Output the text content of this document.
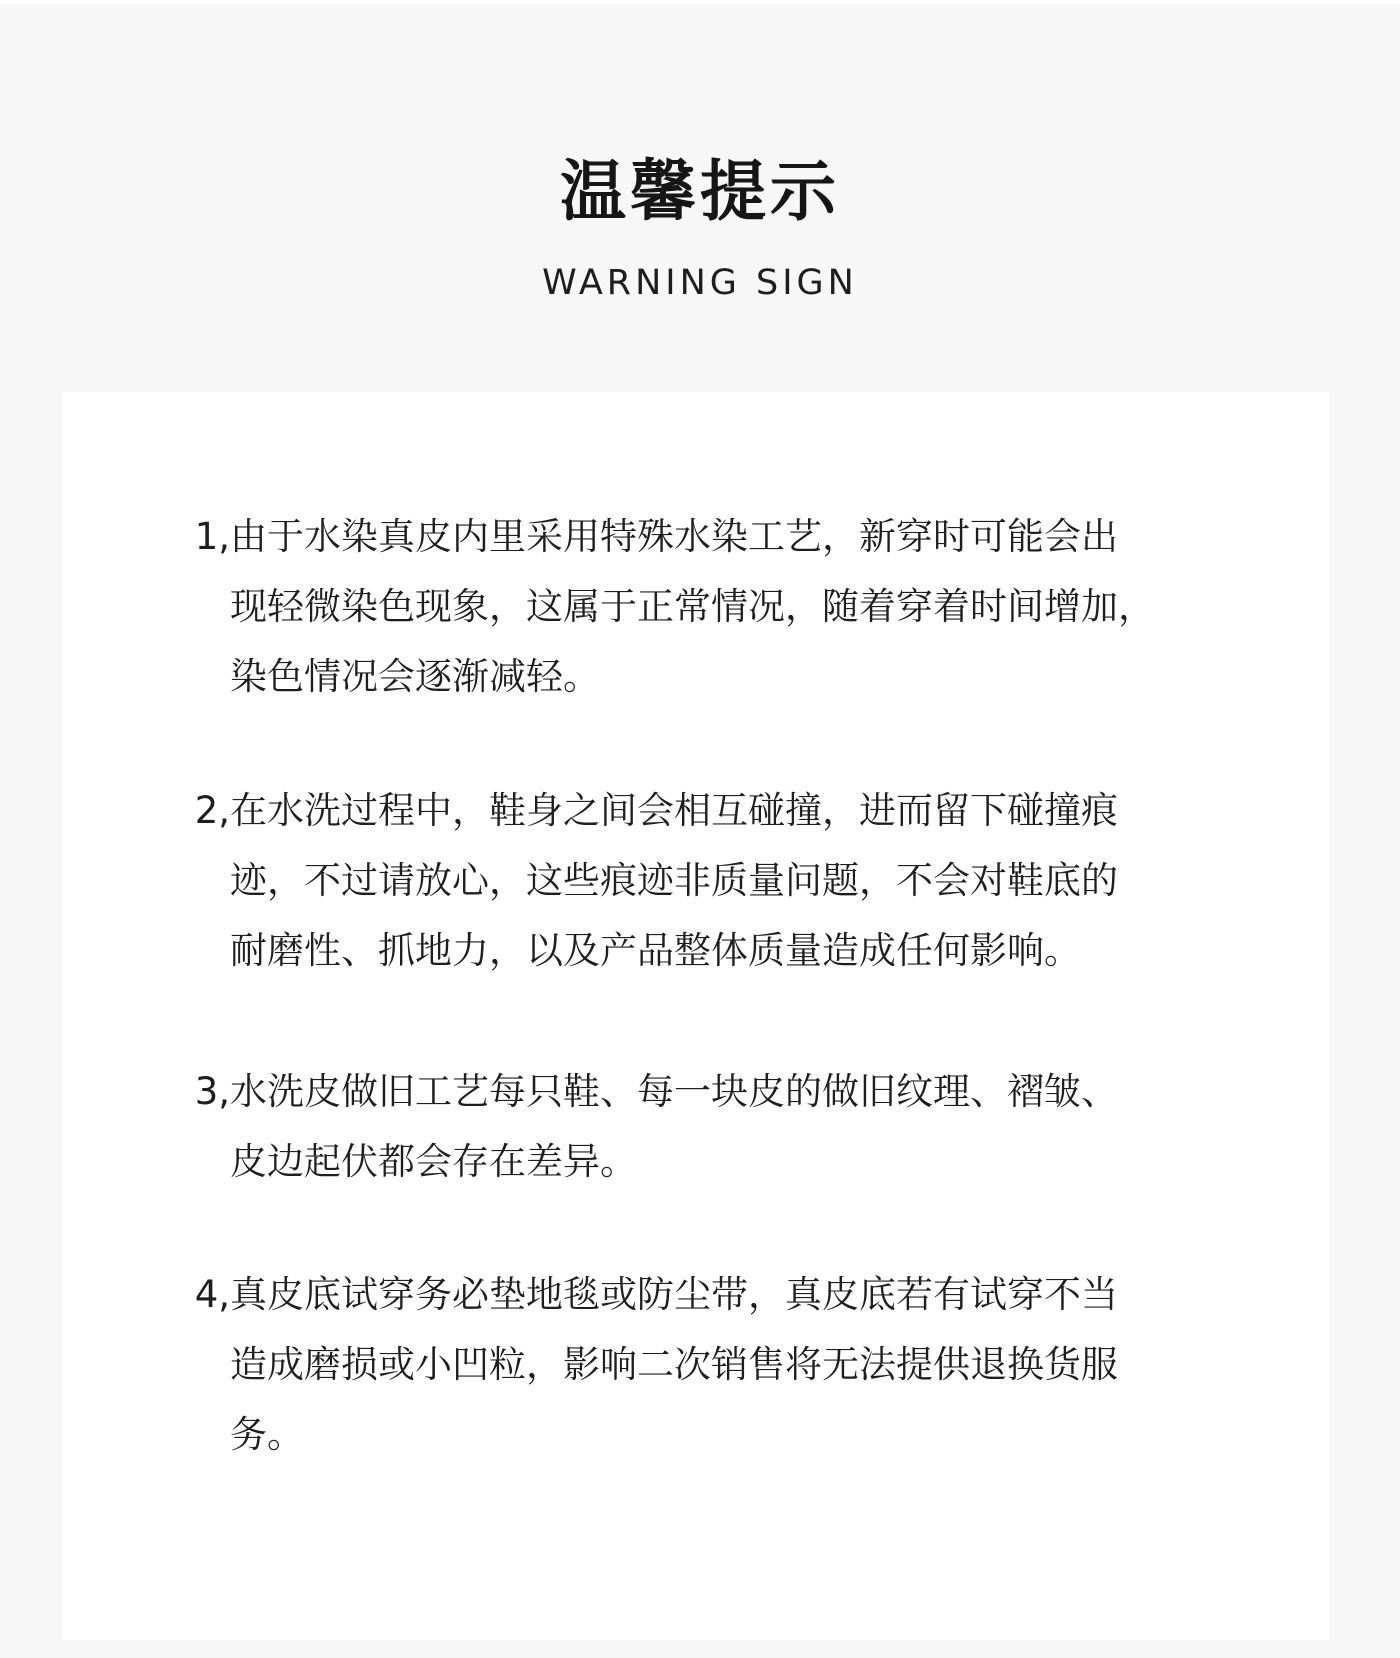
温馨提示
WARNING SIGN
1, 由于水染真皮内里采用特殊水染工艺，新穿时可能会出
现轻微染色现象，这属于正常情况，随着穿着时间增加，
染色情况会逐渐减轻。
2, 在水洗过程中，鞋身之间会相互碰撞，进而留下碰撞痕
迹，不过请放心，这些痕迹非质量问题，不会对鞋底的
耐磨性、抓地力，以及产品整体质量造成任何影响。
3, 水洗皮做旧工艺每只鞋、每一块皮的做旧纹理、褶皱、
皮边起伏都会存在差异。
4, 真皮底试穿务必垫地毯或防尘带，真皮底若有试穿不当
造成磨损或小凹粒，影响二次销售将无法提供退换货服
务。
